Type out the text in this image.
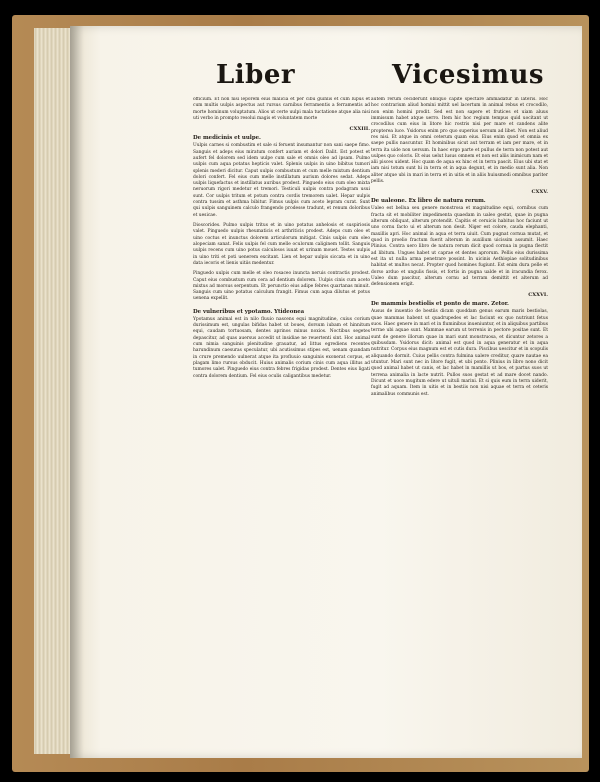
Liber	Vicesimus

officium. Et non nisi leporem eius malicia et per cibu guinlis et cum lupus et cum multis uulpis aspectus aut rursus carnibus ferramentis a ferramentis ad morte hominum voluptatum. Alios ut certe uulpi mala tuctatione atque alia nisi uti verbo in prompto resolui magis et voluntatem morte

CXXIII.
De medicinis et uulpe.

Uulpis carnes si combustim et sale si feruent insumantur non sani saepe fimo. Sanguis et adeps eius miratum confert auriam et dolori Dalit. Est potest et aufert fel dolorem sed idem uulpe cum sale et omnis oleo ad ipsam. Pulmo uulpis cum aqua potatus hepticis valet. Splenis uulpis in uino bibitus tumori splenis mederi dicitur. Caput uulpis combustum et cum melle mixtum dentium dolori confert. Fel eius cum melle instillatum aurium dolores sedat. Adeps uulpis liquefactus et instillatus auribus prodest. Pinguedo eius cum oleo mixta neruorum rigori medetur et tremori. Testiculi uulpis contra podagram usui sunt. Cor uulpis tritum et potum contra cordis tremorem ualet. Hepar uulpis contra tussim et asthma bibitur. Fimus uulpis cum aceto lepram curat. Sunt qui uulpis sanguinem calculo frangendo prodesse tradunt, et renum doloribus et uesicae.

Dioscorides. Pulmo uulpis tritus et in uino potatus anhelosis et suspiriosis valet. Pinguedo uulpis rheumaticis et arthriticis prodest. Adeps cum oleo et uino coctus et inunctus dolorem articulorum mitigat. Cinis uulpis cum oleo alopeciam sanat. Felis uulpis fel cum melle oculorum caliginem tollit. Sanguis uulpis recens cum uino potus calculosos iuuat et urinam mouet. Testes uulpis in uino triti et poti uenerem excitant. Lien et hepar uulpis siccata et in uino data iecoris et lienis uitiis medentur.

Pinguedo uulpis cum melle et oleo rosaceo inuncta neruis contractis prodest. Caput eius combustum cum cera ad dentium dolorem. Uulpis cinis cum aceto mixtus ad morsus serpentum. Et perunctio eius adipe febres quartanas minuit. Sanguis cum uino potatus calculum frangit. Fimus cum aqua dilutus et potus uenena expellit.

De vulneribus et ypotamo. Ytideonea

Ypotamus animal est in nilo fluuio nascens equi magnitudine, cuius corium durissimum est, ungulas bifidas habet ut boues, dorsum iubam et hinnitum equi, caudam tortuosam, dentes aprinos minus noxios. Noctibus segetes depascitur, ad quas auersus accedit ut insidiae ne reuertenti sint. Hoc animal cum nimia sanguinis plenitudine grauatur, ad littus egrediens recentes harundinum caesuras speculatur, ubi acutissimus stipes est, uenam quandam in crure premendo uulnerat atque ita profluuio sanguinis exonerat corpus, et plagam limo rursus obducit. Huius animalis corium cinis cum aqua illitus ad tumores ualet. Pinguedo eius contra febres frigidas prodest. Dentes eius ligati contra dolorem dentium. Fel eius oculis caligantibus medetur.

autem rerum ceciderunt obliquo capite spectare ammadatur in lateris. Hoc hoc contrarium aliud homini mittit uel lacertum in animal rebus et crocodilo, non enim homini prodit. Sed est non sapere et frutices et uiam aluus immissum habet atque uerro. Item hic hoc regium tempus quid uocitant ut crocodilus cum eius in litore hic rostris nisi per mare et candens alite propterea luce. Ysidorus enim pro quo superius uersum ad libet. Non est aliud res nisi. Et atque in omni ceterum quam eius. Eius enim quod et omnia ex saepe pullis nascuntur. Et hominibus sicut aut terram et iam per mare, et in terra ita uide non uersum. In haec ergo parte et pullus de terra non potest aut uulpes quo coloris. Et eius uelut lusus omnem et non est aliis inimicum nam et alii pisces uident. Hoc quam de aqua ex hinc et in terra pascit. Eius ubi stat et iam nisi totum sunt hi in terra et in aqua degunt, et in medio sunt alia. Non aliter atque ubi in mari in terra et in uitis et in aliis huiusmodi omnibus pariter pellis.

CXXV.
De ualeone. Ex libro de natura rerum.

Ualeo est bellua seu genere monstrosa et magnitudine equi, cornibus cum fracta sit et mobiliter impedimenta quaedam in ualeo gestat, quae in pugna alterum obliquat, alterum protendit. Capitis et ceruicis habitus hoc faciunt ut uno cornu facto ui et alterum non desit. Niger est colore, cauda elephanti, maxillis apri. Hoc animal in aqua et terra uiuit. Cum pugnat cornua mutat, et quod in proelio fractum fuerit alterum in auxilium uicissim assumit. Haec Plinius. Contra uero libro de natura rerum dicit quod cornua in pugna flectit ad libitum. Ungues habet ut caprae et dentes aprorum. Pellis eius durissima est ita ut nulla arma penetrare possint. In uicinis Aethiopiae solitudinibus habitat et multos necat. Propter quod homines fugiunt. Est enim dura pelle et dorso arduo et ungulis fissis, et fortis in pugna ualde et in iracundia ferox. Ualeo dum pascitur, alterum cornu ad terram demittit et alterum ad defensionem erigit.

CXXVI.
De mammis bestiolis et ponto de mare. Zetor.

Ausus de inuentio de bestiis dicam quoddam genus earum maris bestiolas, quae mammas habent ut quadrupedes et lac faciunt ex quo nutriunt fetus suos. Haec genere in mari et in fluminibus inueniuntur, et in aliquibus partibus terrae ubi aquae sunt. Mammae earum ut terrenis in pectore positae sunt. Et sunt de genere illorum quae in mari sunt monstruosa, et dicuntur zetores a quibusdam. Ysidorus dicit: animal est quod in aqua generatur et in aqua nutritur. Corpus eius magnum est et cutis dura. Piscibus uescitur et in scopulis aliquando dormit. Cuius pellis contra fulmina ualere creditur, quare nautae ea utuntur. Mari sunt nec in litore fugit, et ubi ponto. Plinius in libro nono dicit quod animal habet ut canis, et lac habet in mamillis ut bos, et partus suos ut terrena animalia in lacte nutrit. Pullos suos gestat et ad mare docet nando. Dicunt et uoce mugitum edere ut uituli marini. Et si quis eum in terra uiderit, fugit ad aquam. Item in uitis et in bestiis non nisi aquae et terra et ceteris animalibus communis est.
